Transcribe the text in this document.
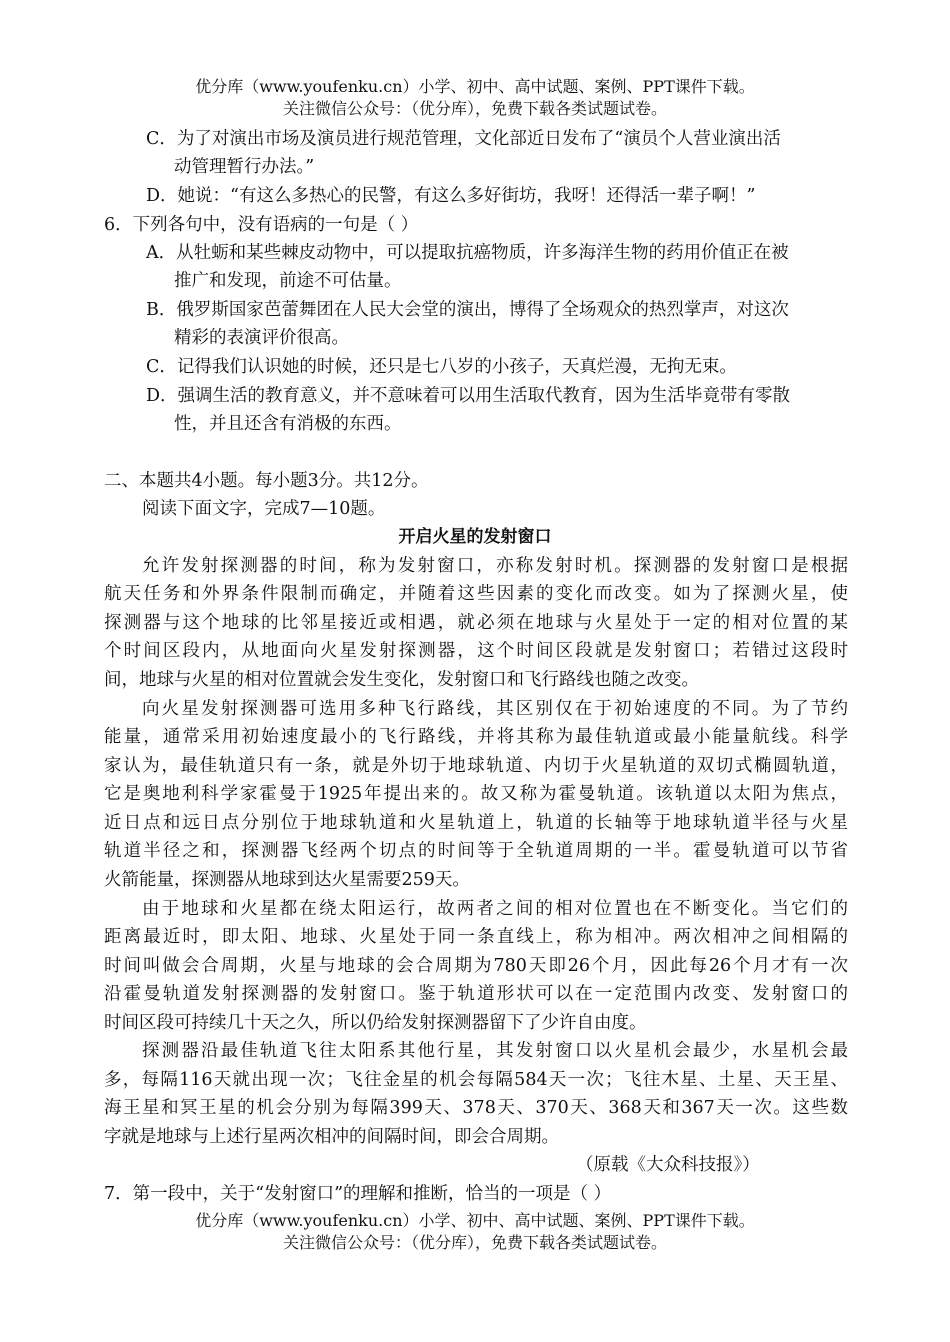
优分库（www.youfenku.cn）小学、初中、高中试题、案例、PPT课件下载。
关注微信公众号：（优分库），免费下载各类试题试卷。
C．为了对演出市场及演员进行规范管理，文化部近日发布了“演员个人营业演出活
动管理暂行办法。”
D．她说：“有这么多热心的民警，有这么多好街坊，我呀！还得活一辈子啊！”
6．下列各句中，没有语病的一句是（ ）
A．从牡蛎和某些棘皮动物中，可以提取抗癌物质，许多海洋生物的药用价值正在被
推广和发现，前途不可估量。
B．俄罗斯国家芭蕾舞团在人民大会堂的演出，博得了全场观众的热烈掌声，对这次
精彩的表演评价很高。
C．记得我们认识她的时候，还只是七八岁的小孩子，天真烂漫，无拘无束。
D．强调生活的教育意义，并不意味着可以用生活取代教育，因为生活毕竟带有零散
性，并且还含有消极的东西。
二、本题共4小题。每小题3分。共12分。
阅读下面文字，完成7—10题。
开启火星的发射窗口
允许发射探测器的时间，称为发射窗口，亦称发射时机。探测器的发射窗口是根据
航天任务和外界条件限制而确定，并随着这些因素的变化而改变。如为了探测火星，使
探测器与这个地球的比邻星接近或相遇，就必须在地球与火星处于一定的相对位置的某
个时间区段内，从地面向火星发射探测器，这个时间区段就是发射窗口；若错过这段时
间，地球与火星的相对位置就会发生变化，发射窗口和飞行路线也随之改变。
向火星发射探测器可选用多种飞行路线，其区别仅在于初始速度的不同。为了节约
能量，通常采用初始速度最小的飞行路线，并将其称为最佳轨道或最小能量航线。科学
家认为，最佳轨道只有一条，就是外切于地球轨道、内切于火星轨道的双切式椭圆轨道，
它是奥地利科学家霍曼于1925年提出来的。故又称为霍曼轨道。该轨道以太阳为焦点，
近日点和远日点分别位于地球轨道和火星轨道上，轨道的长轴等于地球轨道半径与火星
轨道半径之和，探测器飞经两个切点的时间等于全轨道周期的一半。霍曼轨道可以节省
火箭能量，探测器从地球到达火星需要259天。
由于地球和火星都在绕太阳运行，故两者之间的相对位置也在不断变化。当它们的
距离最近时，即太阳、地球、火星处于同一条直线上，称为相冲。两次相冲之间相隔的
时间叫做会合周期，火星与地球的会合周期为780天即26个月，因此每26个月才有一次
沿霍曼轨道发射探测器的发射窗口。鉴于轨道形状可以在一定范围内改变、发射窗口的
时间区段可持续几十天之久，所以仍给发射探测器留下了少许自由度。
探测器沿最佳轨道飞往太阳系其他行星，其发射窗口以火星机会最少，水星机会最
多，每隔116天就出现一次；飞往金星的机会每隔584天一次；飞往木星、土星、天王星、
海王星和冥王星的机会分别为每隔399天、378天、370天、368天和367天一次。这些数
字就是地球与上述行星两次相冲的间隔时间，即会合周期。
（原载《大众科技报》）
7．第一段中，关于“发射窗口”的理解和推断，恰当的一项是（ ）
优分库（www.youfenku.cn）小学、初中、高中试题、案例、PPT课件下载。
关注微信公众号：（优分库），免费下载各类试题试卷。
